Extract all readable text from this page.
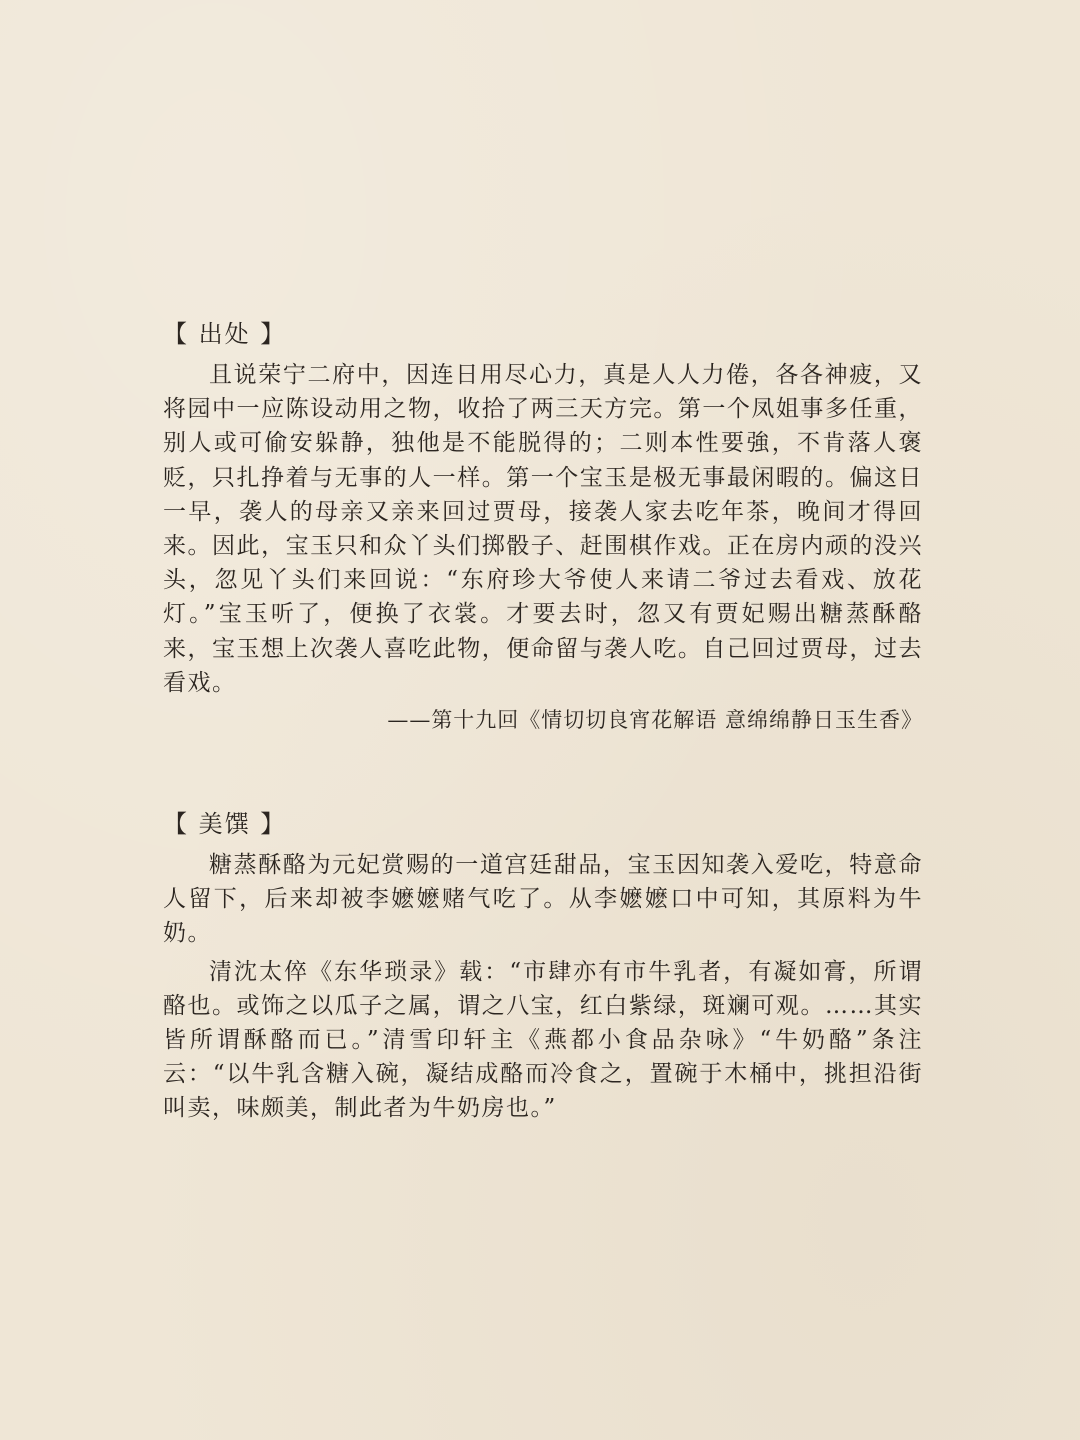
【 出处 】

且说荣宁二府中，因连日用尽心力，真是人人力倦，各各神疲，又将园中一应陈设动用之物，收拾了两三天方完。第一个凤姐事多任重，别人或可偷安躲静，独他是不能脱得的；二则本性要強，不肯落人褒贬，只扎挣着与无事的人一样。第一个宝玉是极无事最闲暇的。偏这日一早，袭人的母亲又亲来回过贾母，接袭人家去吃年茶，晚间才得回来。因此，宝玉只和众丫头们掷骰子、赶围棋作戏。正在房内顽的没兴头，忽见丫头们来回说：“东府珍大爷使人来请二爷过去看戏、放花灯。”宝玉听了，便换了衣裳。才要去时，忽又有贾妃赐出糖蒸酥酪来，宝玉想上次袭人喜吃此物，便命留与袭人吃。自己回过贾母，过去看戏。

——第十九回《情切切良宵花解语 意绵绵静日玉生香》

【 美馔 】

糖蒸酥酪为元妃赏赐的一道宫廷甜品，宝玉因知袭入爱吃，特意命人留下，后来却被李嬷嬷赌气吃了。从李嬷嬷口中可知，其原料为牛奶。

清沈太倅《东华琐录》载：“市肆亦有市牛乳者，有凝如膏，所谓酪也。或饰之以瓜子之属，谓之八宝，红白紫绿，斑斓可观。……其实皆所谓酥酪而已。”清雪印轩主《燕都小食品杂咏》“牛奶酪”条注云：“以牛乳含糖入碗，凝结成酪而冷食之，置碗于木桶中，挑担沿街叫卖，味颇美，制此者为牛奶房也。”
